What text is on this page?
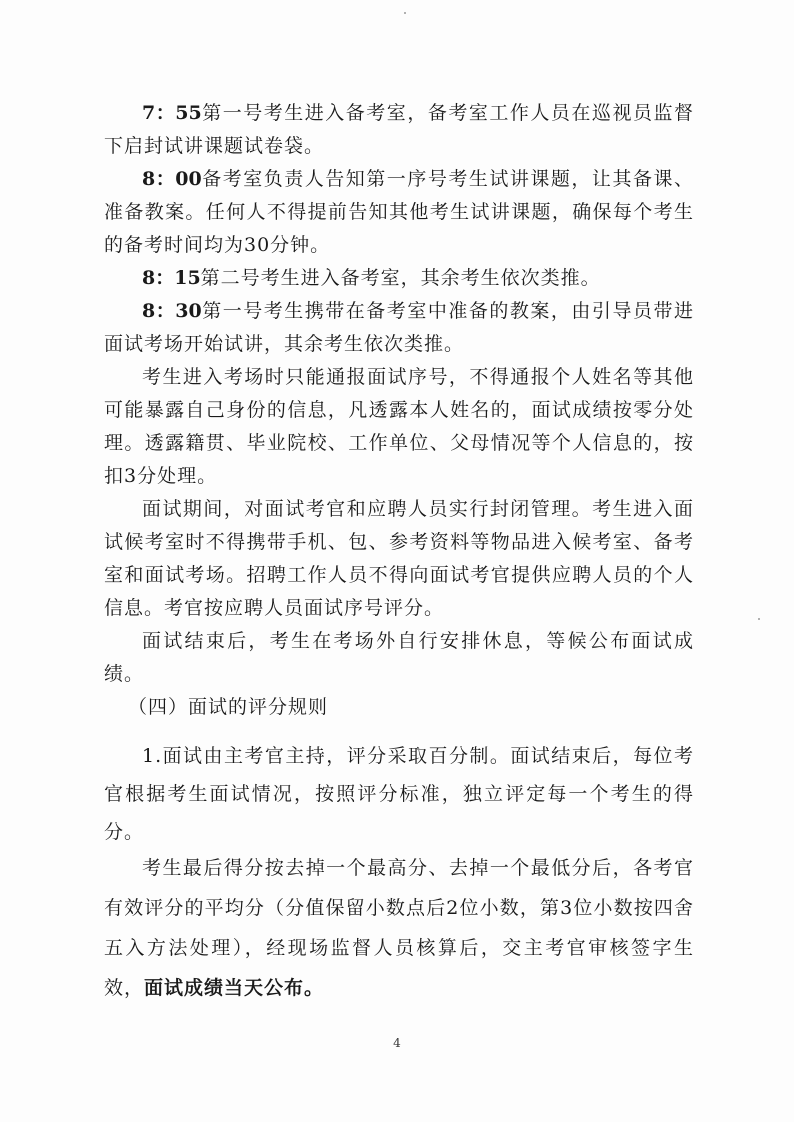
7：55第一号考生进入备考室，备考室工作人员在巡视员监督下启封试讲课题试卷袋。

8：00备考室负责人告知第一序号考生试讲课题，让其备课、准备教案。任何人不得提前告知其他考生试讲课题，确保每个考生的备考时间均为30分钟。

8：15第二号考生进入备考室，其余考生依次类推。

8：30第一号考生携带在备考室中准备的教案，由引导员带进面试考场开始试讲，其余考生依次类推。

考生进入考场时只能通报面试序号，不得通报个人姓名等其他可能暴露自己身份的信息，凡透露本人姓名的，面试成绩按零分处理。透露籍贯、毕业院校、工作单位、父母情况等个人信息的，按扣3分处理。

面试期间，对面试考官和应聘人员实行封闭管理。考生进入面试候考室时不得携带手机、包、参考资料等物品进入候考室、备考室和面试考场。招聘工作人员不得向面试考官提供应聘人员的个人信息。考官按应聘人员面试序号评分。

面试结束后，考生在考场外自行安排休息，等候公布面试成绩。

（四）面试的评分规则

1.面试由主考官主持，评分采取百分制。面试结束后，每位考官根据考生面试情况，按照评分标准，独立评定每一个考生的得分。

考生最后得分按去掉一个最高分、去掉一个最低分后，各考官有效评分的平均分（分值保留小数点后2位小数，第3位小数按四舍五入方法处理），经现场监督人员核算后，交主考官审核签字生效，面试成绩当天公布。

4
